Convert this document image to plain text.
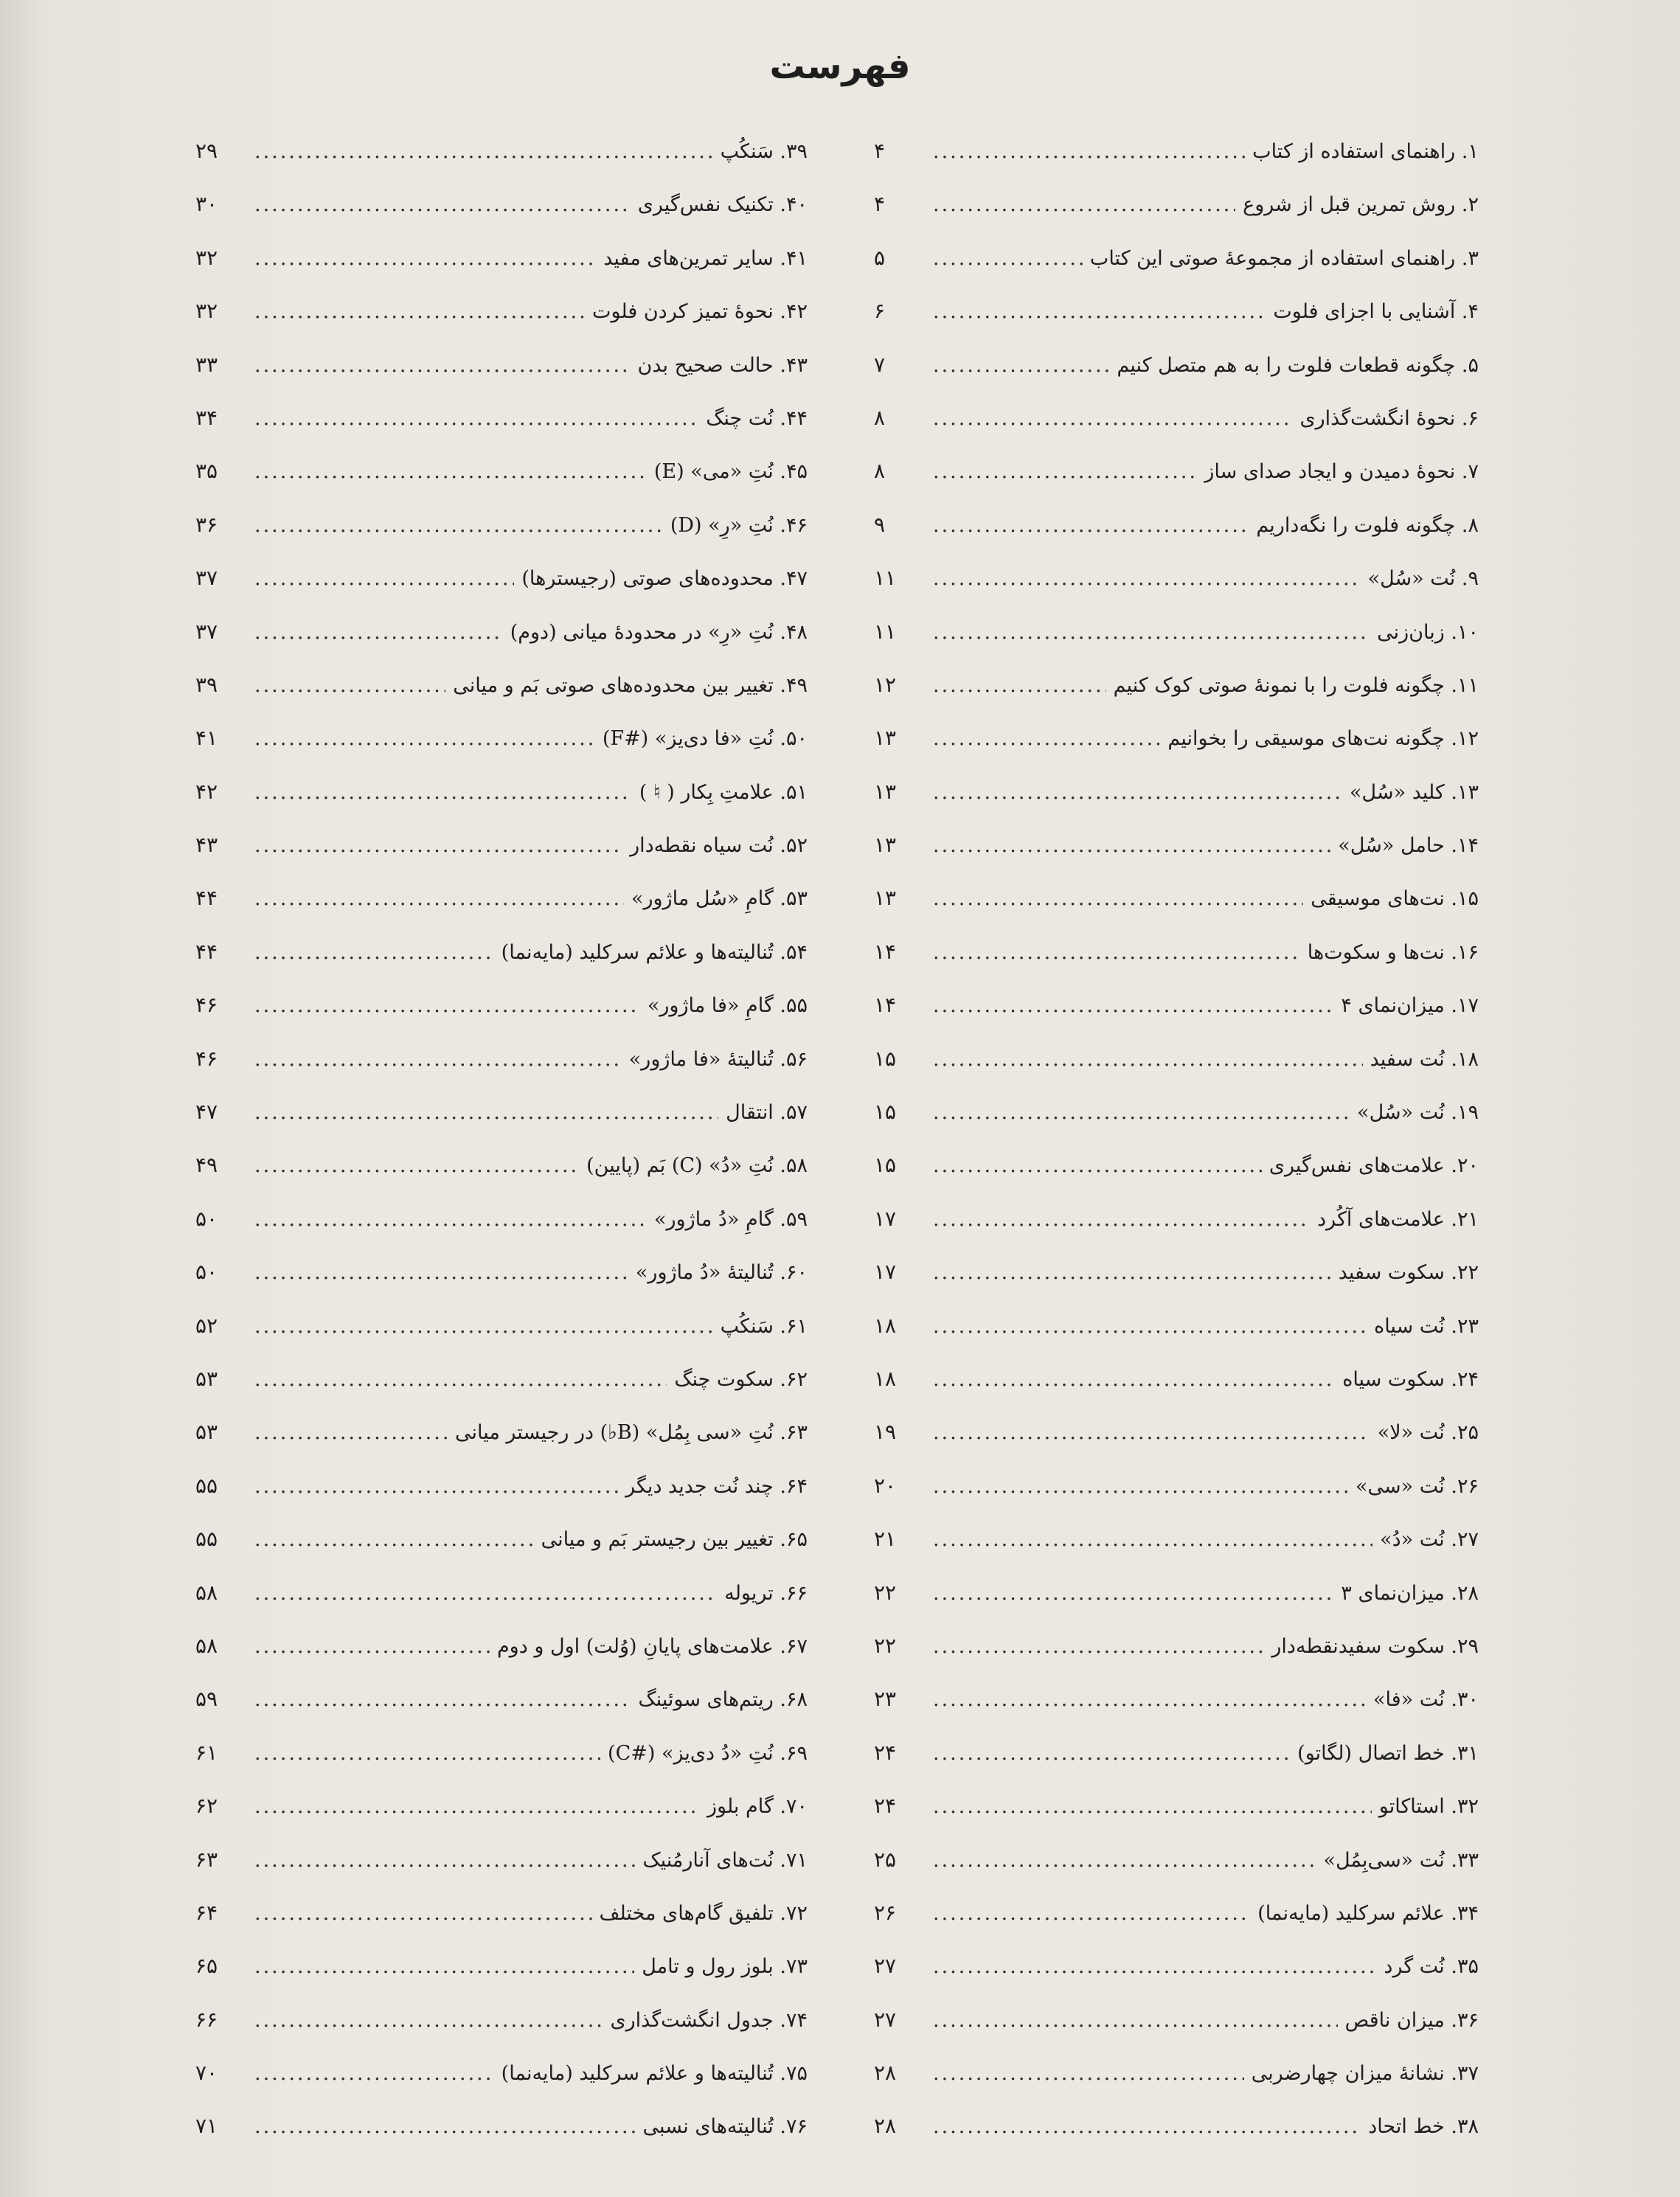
فهرست
۱. راهنمای استفاده از کتاب
.....
۴
۲. روش تمرین قبل از شروع
.....
۴
۳. راهنمای استفاده از مجموعهٔ صوتی این کتاب
.....
۵
۴. آشنایی با اجزای فلوت
.....
۶
۵. چگونه قطعات فلوت را به هم متصل کنیم
.....
۷
۶. نحوهٔ انگشت‌گذاری
.....
۸
۷. نحوهٔ دمیدن و ایجاد صدای ساز
.....
۸
۸. چگونه فلوت را نگه‌داریم
.....
۹
۹. نُت «سُل»
.....
۱۱
۱۰. زبان‌زنی
.....
۱۱
۱۱. چگونه فلوت را با نمونهٔ صوتی کوک کنیم
.....
۱۲
۱۲. چگونه نت‌های موسیقی را بخوانیم
.....
۱۳
۱۳. کلید «سُل»
.....
۱۳
۱۴. حامل «سُل»
.....
۱۳
۱۵. نت‌های موسیقی
.....
۱۳
۱۶. نت‌ها و سکوت‌ها
.....
۱۴
۱۷. میزان‌نمای ۴
.....
۱۴
۱۸. نُت سفید
.....
۱۵
۱۹. نُت «سُل»
.....
۱۵
۲۰. علامت‌های نفس‌گیری
.....
۱۵
۲۱. علامت‌های آکُرد
.....
۱۷
۲۲. سکوت سفید
.....
۱۷
۲۳. نُت سیاه
.....
۱۸
۲۴. سکوت سیاه
.....
۱۸
۲۵. نُت «لا»
.....
۱۹
۲۶. نُت «سی»
.....
۲۰
۲۷. نُت «دُ»
.....
۲۱
۲۸. میزان‌نمای ۳
.....
۲۲
۲۹. سکوت سفیدنقطه‌دار
.....
۲۲
۳۰. نُت «فا»
.....
۲۳
۳۱. خط اتصال (لگاتو)
.....
۲۴
۳۲. استاکاتو
.....
۲۴
۳۳. نُت «سی‌بِمُل»
.....
۲۵
۳۴. علائم سرکلید (مایه‌نما)
.....
۲۶
۳۵. نُت گرد
.....
۲۷
۳۶. میزان ناقص
.....
۲۷
۳۷. نشانهٔ میزان چهارضربی
.....
۲۸
۳۸. خط اتحاد
.....
۲۸
۳۹. سَنکُپ
.....
۲۹
۴۰. تکنیک نفس‌گیری
.....
۳۰
۴۱. سایر تمرین‌های مفید
.....
۳۲
۴۲. نحوهٔ تمیز کردن فلوت
.....
۳۲
۴۳. حالت صحیح بدن
.....
۳۳
۴۴. نُت چنگ
.....
۳۴
۴۵. نُتِ «می» (E)
.....
۳۵
۴۶. نُتِ «رِ» (D)
.....
۳۶
۴۷. محدوده‌های صوتی (رجیسترها)
.....
۳۷
۴۸. نُتِ «رِ» در محدودهٔ میانی (دوم)
.....
۳۷
۴۹. تغییر بین محدوده‌های صوتی بَم و میانی
.....
۳۹
۵۰. نُتِ «فا دی‌یز» (#F)
.....
۴۱
۵۱. علامتِ بِکار ( ♮ )
.....
۴۲
۵۲. نُت سیاه نقطه‌دار
.....
۴۳
۵۳. گامِ «سُل ماژور»
.....
۴۴
۵۴. تُنالیته‌ها و علائم سرکلید (مایه‌نما)
.....
۴۴
۵۵. گامِ «فا ماژور»
.....
۴۶
۵۶. تُنالیتهٔ «فا ماژور»
.....
۴۶
۵۷. انتقال
.....
۴۷
۵۸. نُتِ «دُ» (C) بَم (پایین)
.....
۴۹
۵۹. گامِ «دُ ماژور»
.....
۵۰
۶۰. تُنالیتهٔ «دُ ماژور»
.....
۵۰
۶۱. سَنکُپ
.....
۵۲
۶۲. سکوت چنگ
.....
۵۳
۶۳. نُتِ «سی بِمُل» (B♭) در رجیستر میانی
.....
۵۳
۶۴. چند نُت جدید دیگر
.....
۵۵
۶۵. تغییر بین رجیستر بَم و میانی
.....
۵۵
۶۶. تریوله
.....
۵۸
۶۷. علامت‌های پایانِ (وُلت) اول و دوم
.....
۵۸
۶۸. ریتم‌های سوئینگ
.....
۵۹
۶۹. نُتِ «دُ دی‌یز» (#C)
.....
۶۱
۷۰. گام بلوز
.....
۶۲
۷۱. نُت‌های آنارمُنیک
.....
۶۳
۷۲. تلفیق گام‌های مختلف
.....
۶۴
۷۳. بلوز رول و تامل
.....
۶۵
۷۴. جدول انگشت‌گذاری
.....
۶۶
۷۵. تُنالیته‌ها و علائم سرکلید (مایه‌نما)
.....
۷۰
۷۶. تُنالیته‌های نسبی
.....
۷۱
